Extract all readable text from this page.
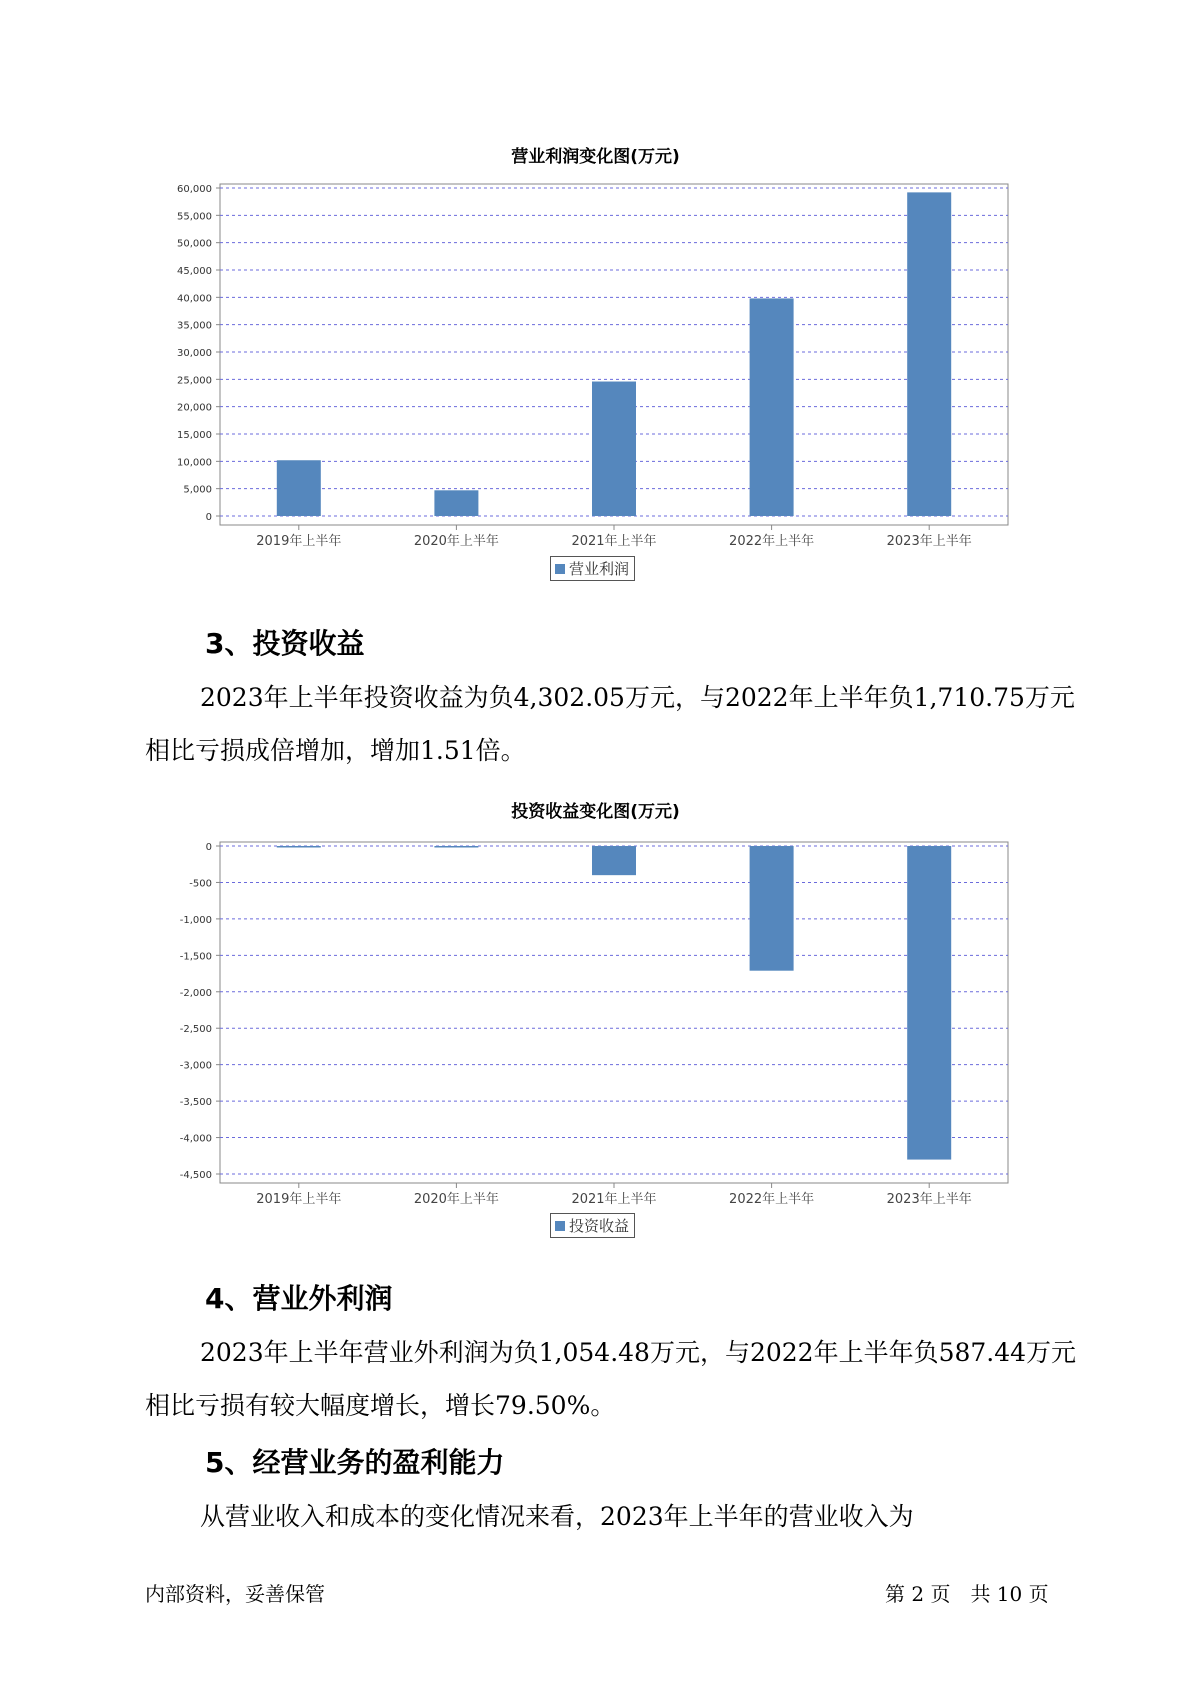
营业利润变化图(万元)
0
5,000
10,000
15,000
20,000
25,000
30,000
35,000
40,000
45,000
50,000
55,000
60,000
2019年上半年	2020年上半年	2021年上半年	2022年上半年	2023年上半年
营业利润
3、投资收益

2023年上半年投资收益为负4,302.05万元，与2022年上半年负1,710.75万元相比亏损成倍增加，增加1.51倍。

投资收益变化图(万元)
0
-500
-1,000
-1,500
-2,000
-2,500
-3,000
-3,500
-4,000
-4,500
2019年上半年	2020年上半年	2021年上半年	2022年上半年	2023年上半年
投资收益
4、营业外利润

2023年上半年营业外利润为负1,054.48万元，与2022年上半年负587.44万元相比亏损有较大幅度增长，增长79.50%。

5、经营业务的盈利能力

从营业收入和成本的变化情况来看，2023年上半年的营业收入为

内部资料，妥善保管	第 2 页　共 10 页
